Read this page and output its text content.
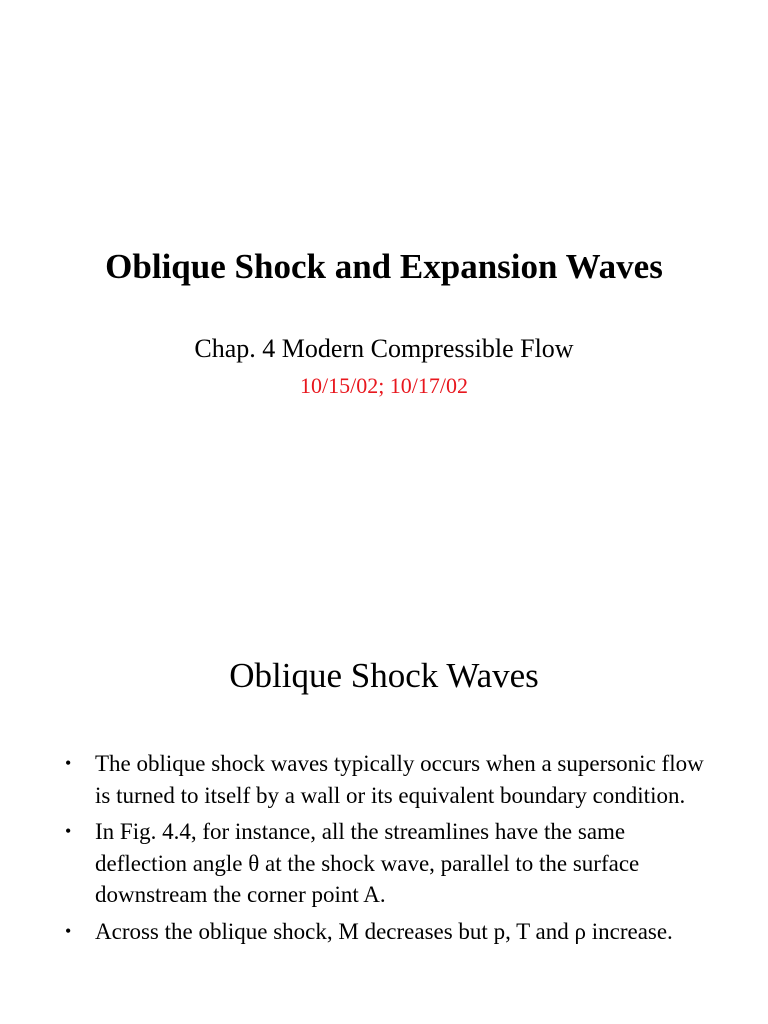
Oblique Shock and Expansion Waves

Chap. 4 Modern Compressible Flow

10/15/02; 10/17/02

Oblique Shock Waves
• The oblique shock waves typically occurs when a supersonic flow is turned to itself by a wall or its equivalent boundary condition.
• In Fig. 4.4, for instance, all the streamlines have the same deflection angle θ at the shock wave, parallel to the surface downstream the corner point A.
• Across the oblique shock, M decreases but p, T and ρ increase.
